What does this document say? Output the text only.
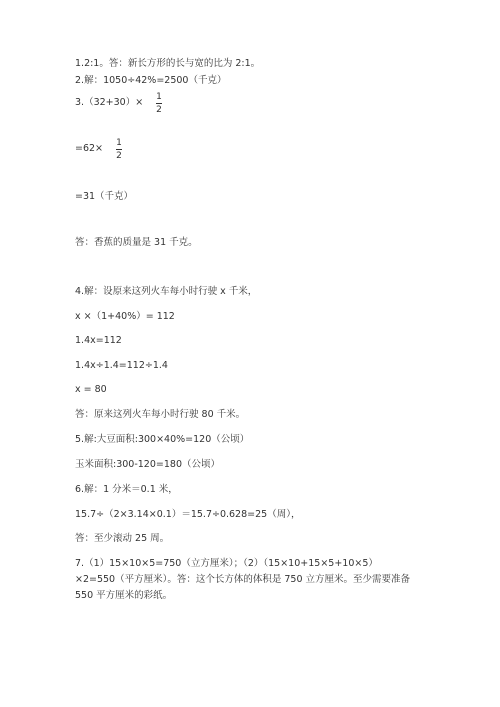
1.2:1。答：新长方形的长与宽的比为 2:1。
2.解：1050÷42%=2500（千克）
3.（32+30）× 1
2
=62× 1
2
=31（千克）
答：香蕉的质量是 31 千克。
4.解：设原来这列火车每小时行驶 x 千米，
x ×（1+40%）= 112
1.4x=112
1.4x÷1.4=112÷1.4
x = 80
答：原来这列火车每小时行驶 80 千米。
5.解:大豆面积:300×40%=120（公顷）
玉米面积:300-120=180（公顷）
6.解：1 分米＝0.1 米，
15.7÷（2×3.14×0.1）＝15.7÷0.628=25（周），
答：至少滚动 25 周。
7.（1）15×10×5=750（立方厘米）；（2）（15×10+15×5+10×5）
×2=550（平方厘米）。答：这个长方体的体积是 750 立方厘米。至少需要准备
550 平方厘米的彩纸。
